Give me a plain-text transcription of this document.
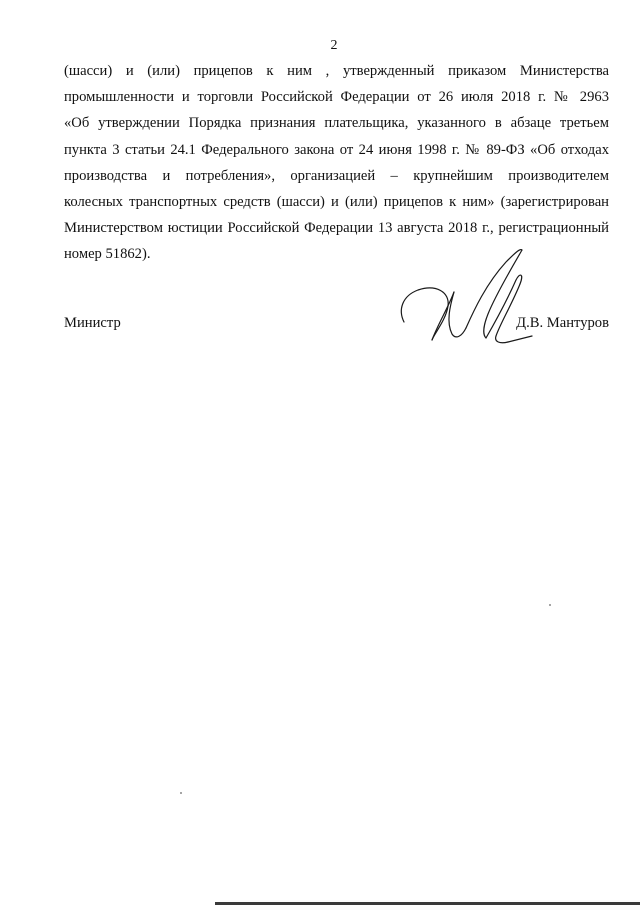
2
(шасси) и (или) прицепов к ним , утвержденный приказом Министерства
промышленности и торговли Российской Федерации от 26 июля 2018 г. № 2963
«Об утверждении Порядка признания плательщика, указанного в абзаце третьем
пункта 3 статьи 24.1 Федерального закона от 24 июня 1998 г. № 89-ФЗ «Об отходах
производства и потребления», организацией – крупнейшим производителем
колесных транспортных средств (шасси) и (или) прицепов к ним» (зарегистрирован
Министерством юстиции Российской Федерации 13 августа 2018 г., регистрационный
номер 51862).
Министр	Д.В. Мантуров
